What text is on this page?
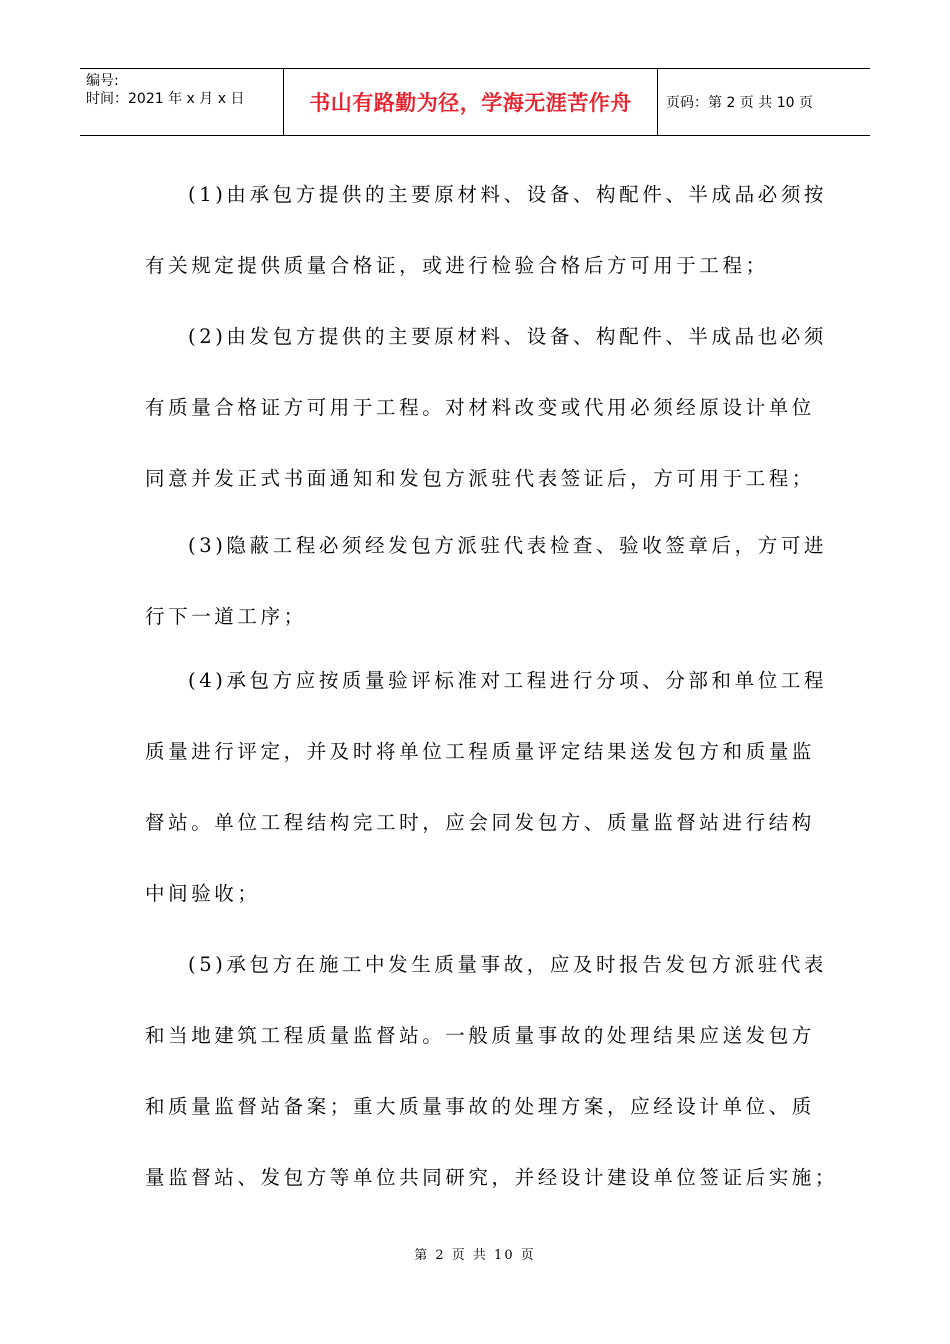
编号:
时间：2021 年 x 月 x 日	书山有路勤为径，学海无涯苦作舟	页码：第 2 页 共 10 页
(1)由承包方提供的主要原材料、设备、构配件、半成品必须按
有关规定提供质量合格证，或进行检验合格后方可用于工程；
(2)由发包方提供的主要原材料、设备、构配件、半成品也必须
有质量合格证方可用于工程。对材料改变或代用必须经原设计单位
同意并发正式书面通知和发包方派驻代表签证后，方可用于工程；
(3)隐蔽工程必须经发包方派驻代表检查、验收签章后，方可进
行下一道工序；
(4)承包方应按质量验评标准对工程进行分项、分部和单位工程
质量进行评定，并及时将单位工程质量评定结果送发包方和质量监
督站。单位工程结构完工时，应会同发包方、质量监督站进行结构
中间验收；
(5)承包方在施工中发生质量事故，应及时报告发包方派驻代表
和当地建筑工程质量监督站。一般质量事故的处理结果应送发包方
和质量监督站备案；重大质量事故的处理方案，应经设计单位、质
量监督站、发包方等单位共同研究，并经设计建设单位签证后实施；
第 2 页 共 10 页
